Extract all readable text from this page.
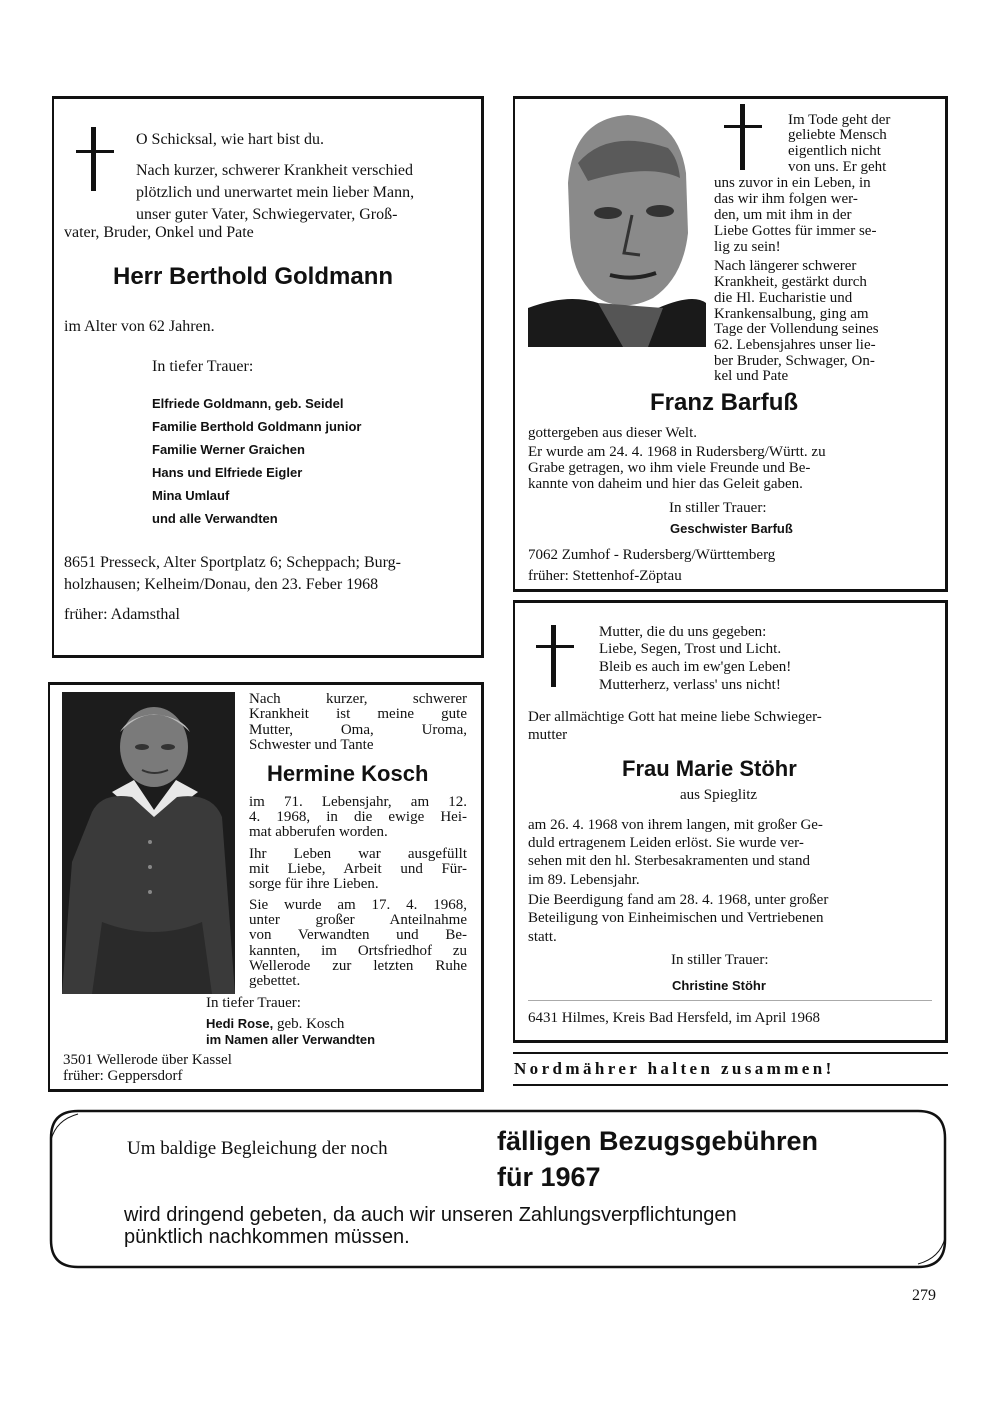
O Schicksal, wie hart bist du.
Nach kurzer, schwerer Krankheit verschied
plötzlich und unerwartet mein lieber Mann,
unser guter Vater, Schwiegervater, Groß-
vater, Bruder, Onkel und Pate
Herr Berthold Goldmann
im Alter von 62 Jahren.
In tiefer Trauer:
Elfriede Goldmann, geb. Seidel
Familie Berthold Goldmann junior
Familie Werner Graichen
Hans und Elfriede Eigler
Mina Umlauf
und alle Verwandten
8651 Presseck, Alter Sportplatz 6; Scheppach; Burg-
holzhausen; Kelheim/Donau, den 23. Feber 1968
früher: Adamsthal
Im Tode geht der
geliebte Mensch
eigentlich nicht
von uns. Er geht
uns zuvor in ein Leben, in
das wir ihm folgen wer-
den, um mit ihm in der
Liebe Gottes für immer se-
lig zu sein!
Nach längerer schwerer
Krankheit, gestärkt durch
die Hl. Eucharistie und
Krankensalbung, ging am
Tage der Vollendung seines
62. Lebensjahres unser lie-
ber Bruder, Schwager, On-
kel und Pate
Franz Barfuß
gottergeben aus dieser Welt.
Er wurde am 24. 4. 1968 in Rudersberg/Württ. zu
Grabe getragen, wo ihm viele Freunde und Be-
kannte von daheim und hier das Geleit gaben.
In stiller Trauer:
Geschwister Barfuß
7062 Zumhof - Rudersberg/Württemberg
früher: Stettenhof-Zöptau
Nach kurzer, schwerer
Krankheit ist meine gute
Mutter, Oma, Uroma,
Schwester und Tante
Hermine Kosch
im 71. Lebensjahr, am 12.
4. 1968, in die ewige Hei-
mat abberufen worden.
Ihr Leben war ausgefüllt
mit Liebe, Arbeit und Für-
sorge für ihre Lieben.
Sie wurde am 17. 4. 1968,
unter großer Anteilnahme
von Verwandten und Be-
kannten, im Ortsfriedhof zu
Wellerode zur letzten Ruhe
gebettet.
In tiefer Trauer:
Hedi Rose, geb. Kosch
im Namen aller Verwandten
3501 Wellerode über Kassel
früher: Geppersdorf
Mutter, die du uns gegeben:
Liebe, Segen, Trost und Licht.
Bleib es auch im ew'gen Leben!
Mutterherz, verlass' uns nicht!
Der allmächtige Gott hat meine liebe Schwieger-
mutter
Frau Marie Stöhr
aus Spieglitz
am 26. 4. 1968 von ihrem langen, mit großer Ge-
duld ertragenem Leiden erlöst. Sie wurde ver-
sehen mit den hl. Sterbesakramenten und stand
im 89. Lebensjahr.
Die Beerdigung fand am 28. 4. 1968, unter großer
Beteiligung von Einheimischen und Vertriebenen
statt.
In stiller Trauer:
Christine Stöhr
6431 Hilmes, Kreis Bad Hersfeld, im April 1968
Nordmährer halten zusammen!
Um baldige Begleichung der noch	fälligen Bezugsgebühren
für 1967
wird dringend gebeten, da auch wir unseren Zahlungsverpflichtungen
pünktlich nachkommen müssen.
279
